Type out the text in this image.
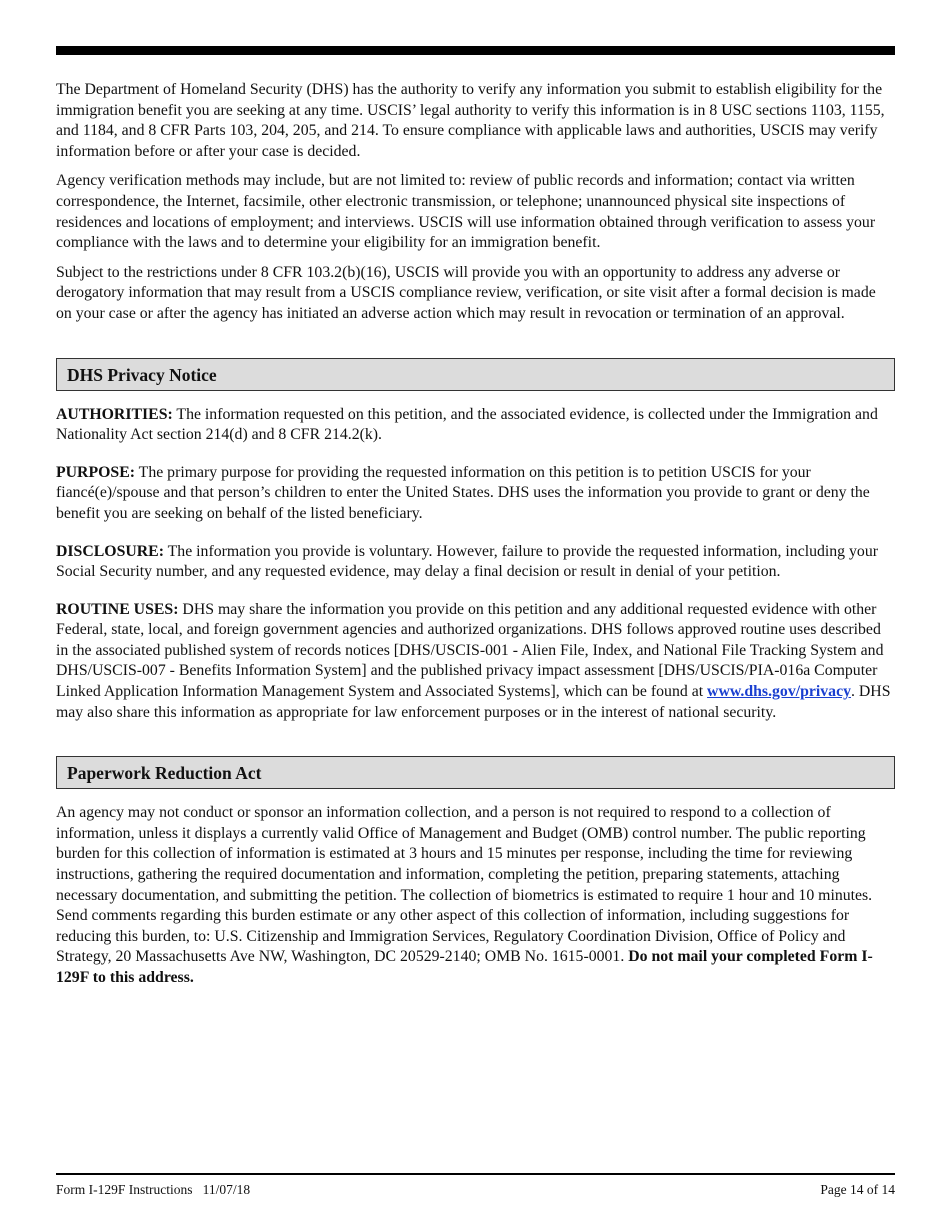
The Department of Homeland Security (DHS) has the authority to verify any information you submit to establish eligibility for the immigration benefit you are seeking at any time. USCIS’ legal authority to verify this information is in 8 USC sections 1103, 1155, and 1184, and 8 CFR Parts 103, 204, 205, and 214. To ensure compliance with applicable laws and authorities, USCIS may verify information before or after your case is decided.

Agency verification methods may include, but are not limited to: review of public records and information; contact via written correspondence, the Internet, facsimile, other electronic transmission, or telephone; unannounced physical site inspections of residences and locations of employment; and interviews. USCIS will use information obtained through verification to assess your compliance with the laws and to determine your eligibility for an immigration benefit.

Subject to the restrictions under 8 CFR 103.2(b)(16), USCIS will provide you with an opportunity to address any adverse or derogatory information that may result from a USCIS compliance review, verification, or site visit after a formal decision is made on your case or after the agency has initiated an adverse action which may result in revocation or termination of an approval.

DHS Privacy Notice

AUTHORITIES: The information requested on this petition, and the associated evidence, is collected under the Immigration and Nationality Act section 214(d) and 8 CFR 214.2(k).

PURPOSE: The primary purpose for providing the requested information on this petition is to petition USCIS for your fiancé(e)/spouse and that person’s children to enter the United States. DHS uses the information you provide to grant or deny the benefit you are seeking on behalf of the listed beneficiary.

DISCLOSURE: The information you provide is voluntary. However, failure to provide the requested information, including your Social Security number, and any requested evidence, may delay a final decision or result in denial of your petition.

ROUTINE USES: DHS may share the information you provide on this petition and any additional requested evidence with other Federal, state, local, and foreign government agencies and authorized organizations. DHS follows approved routine uses described in the associated published system of records notices [DHS/USCIS-001 - Alien File, Index, and National File Tracking System and DHS/USCIS-007 - Benefits Information System] and the published privacy impact assessment [DHS/USCIS/PIA-016a Computer Linked Application Information Management System and Associated Systems], which can be found at www.dhs.gov/privacy. DHS may also share this information as appropriate for law enforcement purposes or in the interest of national security.

Paperwork Reduction Act

An agency may not conduct or sponsor an information collection, and a person is not required to respond to a collection of information, unless it displays a currently valid Office of Management and Budget (OMB) control number. The public reporting burden for this collection of information is estimated at 3 hours and 15 minutes per response, including the time for reviewing instructions, gathering the required documentation and information, completing the petition, preparing statements, attaching necessary documentation, and submitting the petition. The collection of biometrics is estimated to require 1 hour and 10 minutes. Send comments regarding this burden estimate or any other aspect of this collection of information, including suggestions for reducing this burden, to: U.S. Citizenship and Immigration Services, Regulatory Coordination Division, Office of Policy and Strategy, 20 Massachusetts Ave NW, Washington, DC 20529-2140; OMB No. 1615-0001. Do not mail your completed Form I-129F to this address.

Form I-129F Instructions   11/07/18	Page 14 of 14
